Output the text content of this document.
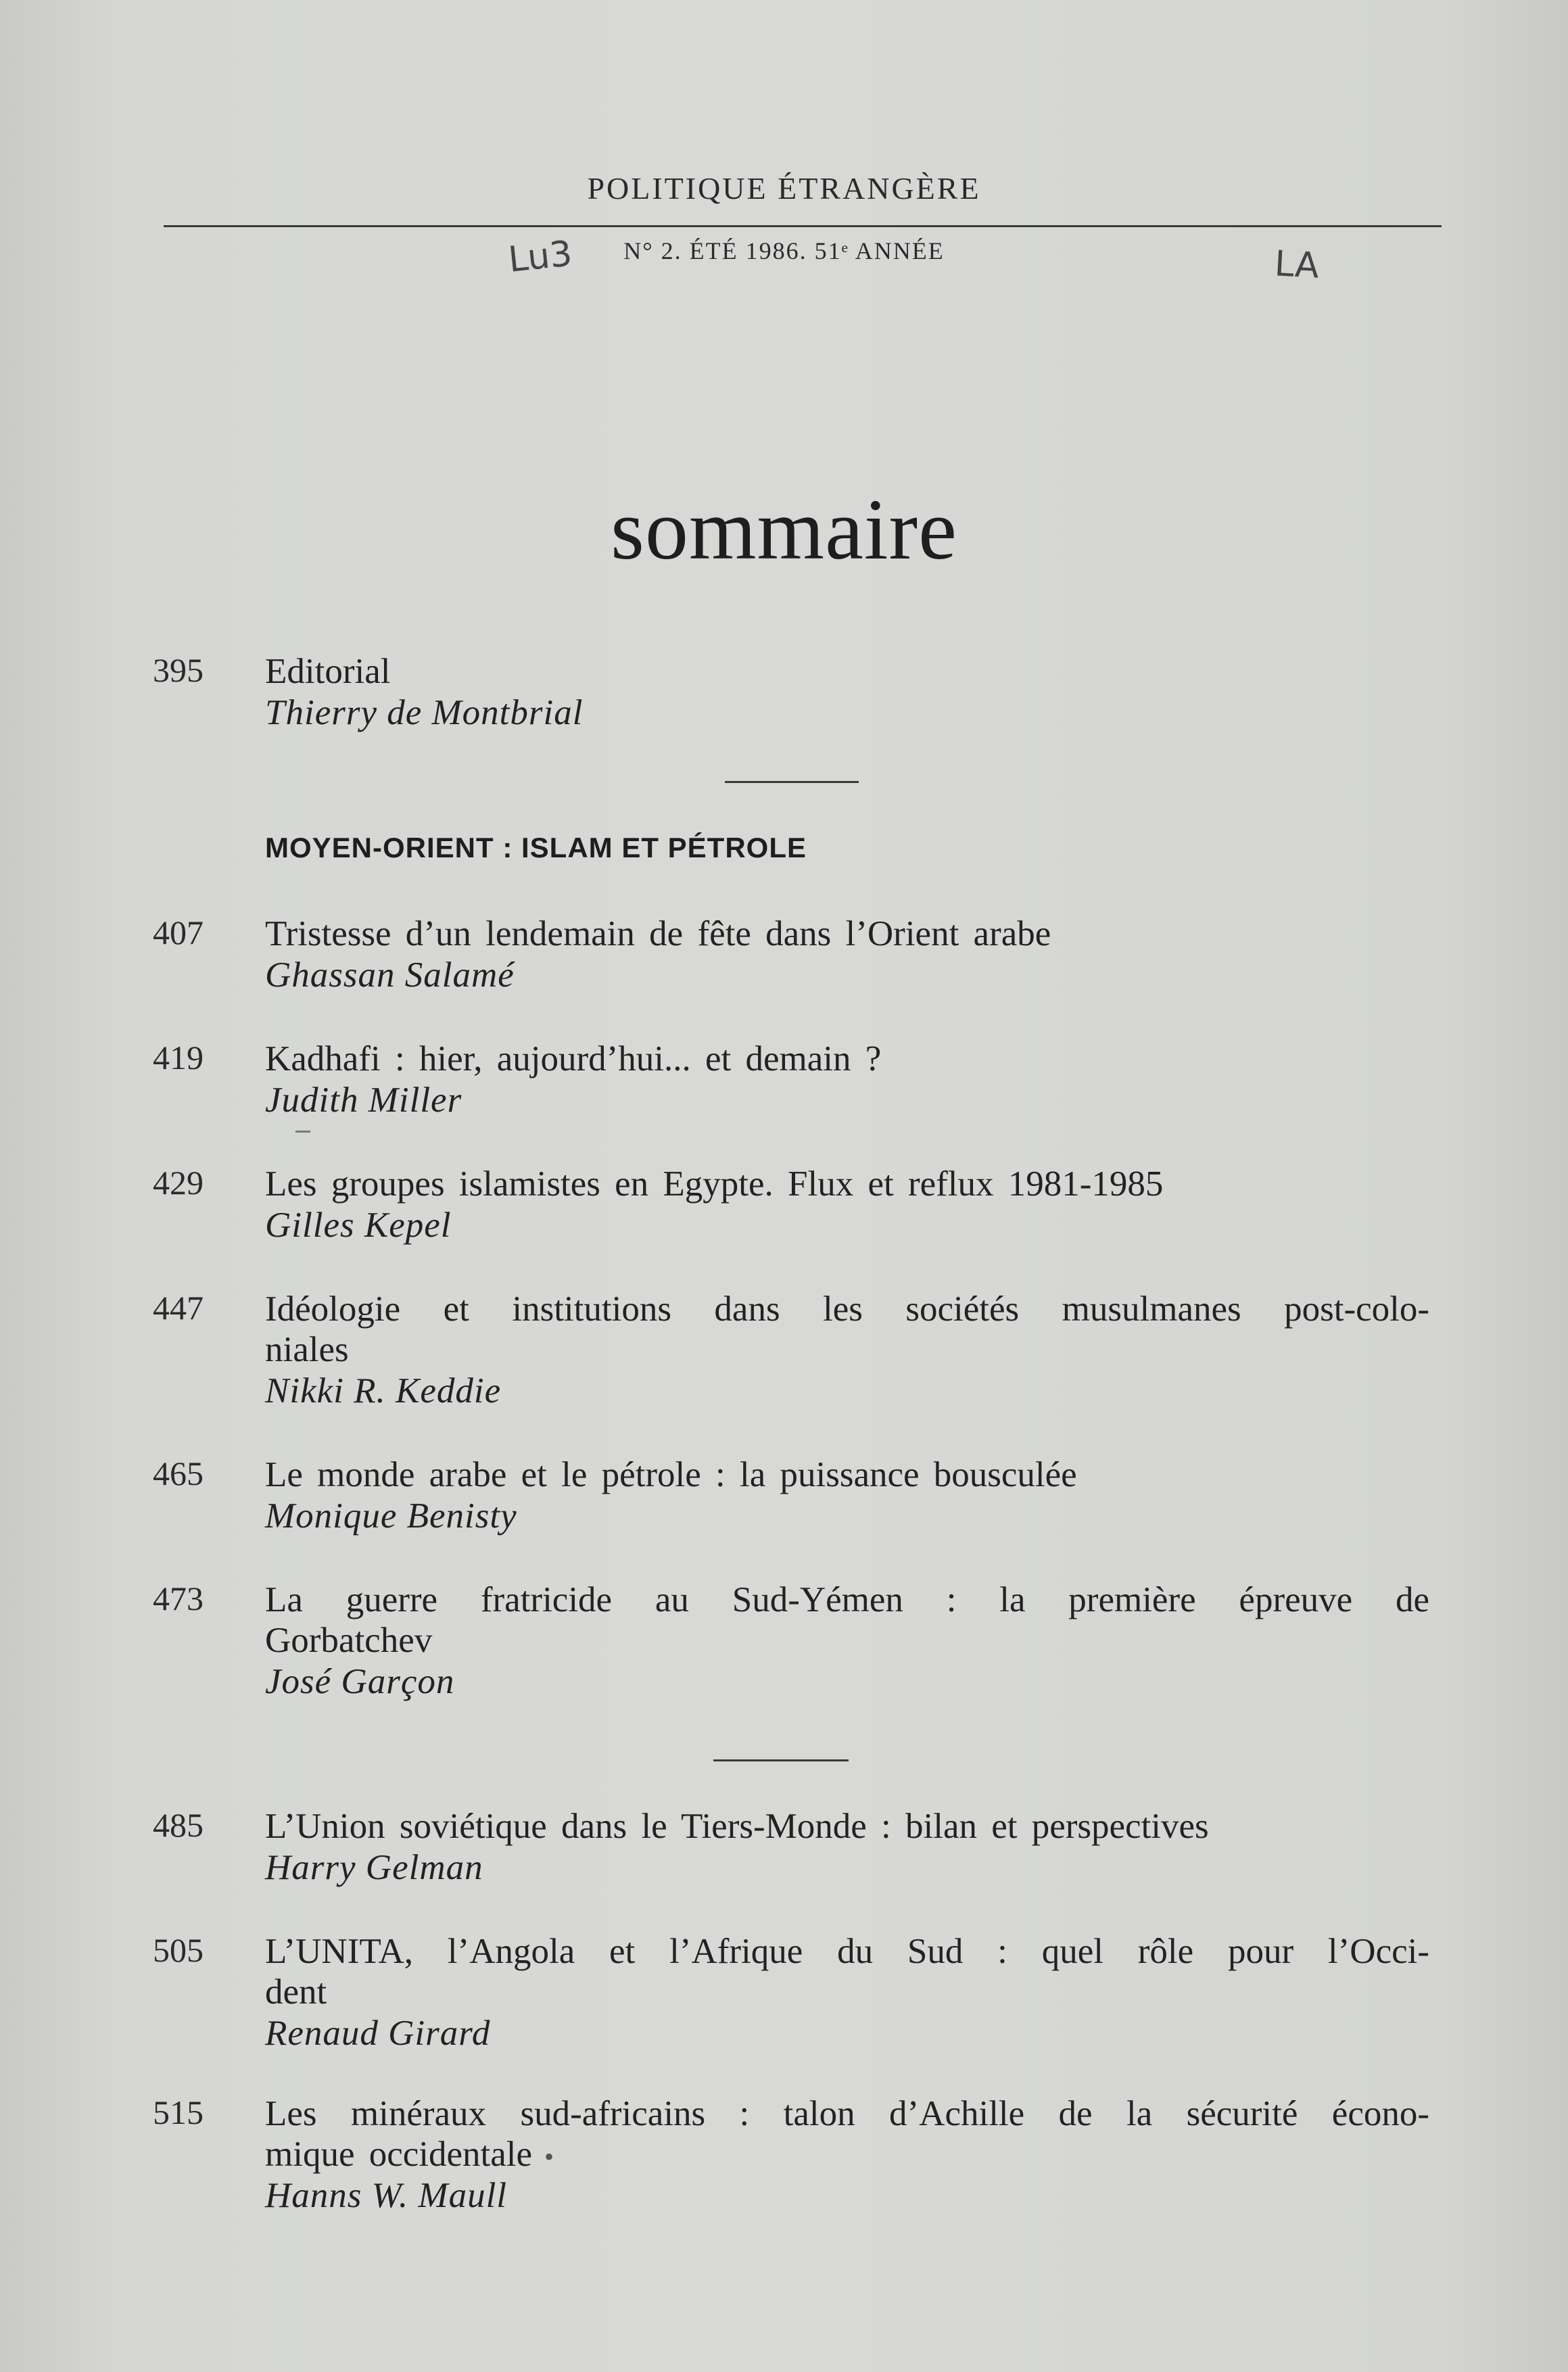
POLITIQUE ÉTRANGÈRE
Lu3	N° 2. ÉTÉ 1986. 51ᵉ ANNÉE	LA
sommaire
395 Editorial
Thierry de Montbrial
MOYEN-ORIENT : ISLAM ET PÉTROLE
407 Tristesse d’un lendemain de fête dans l’Orient arabe
Ghassan Salamé
419 Kadhafi : hier, aujourd’hui... et demain ?
Judith Miller
429 Les groupes islamistes en Egypte. Flux et reflux 1981-1985
Gilles Kepel
447 Idéologie et institutions dans les sociétés musulmanes post-colo-
niales
Nikki R. Keddie
465 Le monde arabe et le pétrole : la puissance bousculée
Monique Benisty
473 La guerre fratricide au Sud-Yémen : la première épreuve de
Gorbatchev
José Garçon
485 L’Union soviétique dans le Tiers-Monde : bilan et perspectives
Harry Gelman
505 L’UNITA, l’Angola et l’Afrique du Sud : quel rôle pour l’Occi-
dent
Renaud Girard
515 Les minéraux sud-africains : talon d’Achille de la sécurité écono-
mique occidentale •
Hanns W. Maull
